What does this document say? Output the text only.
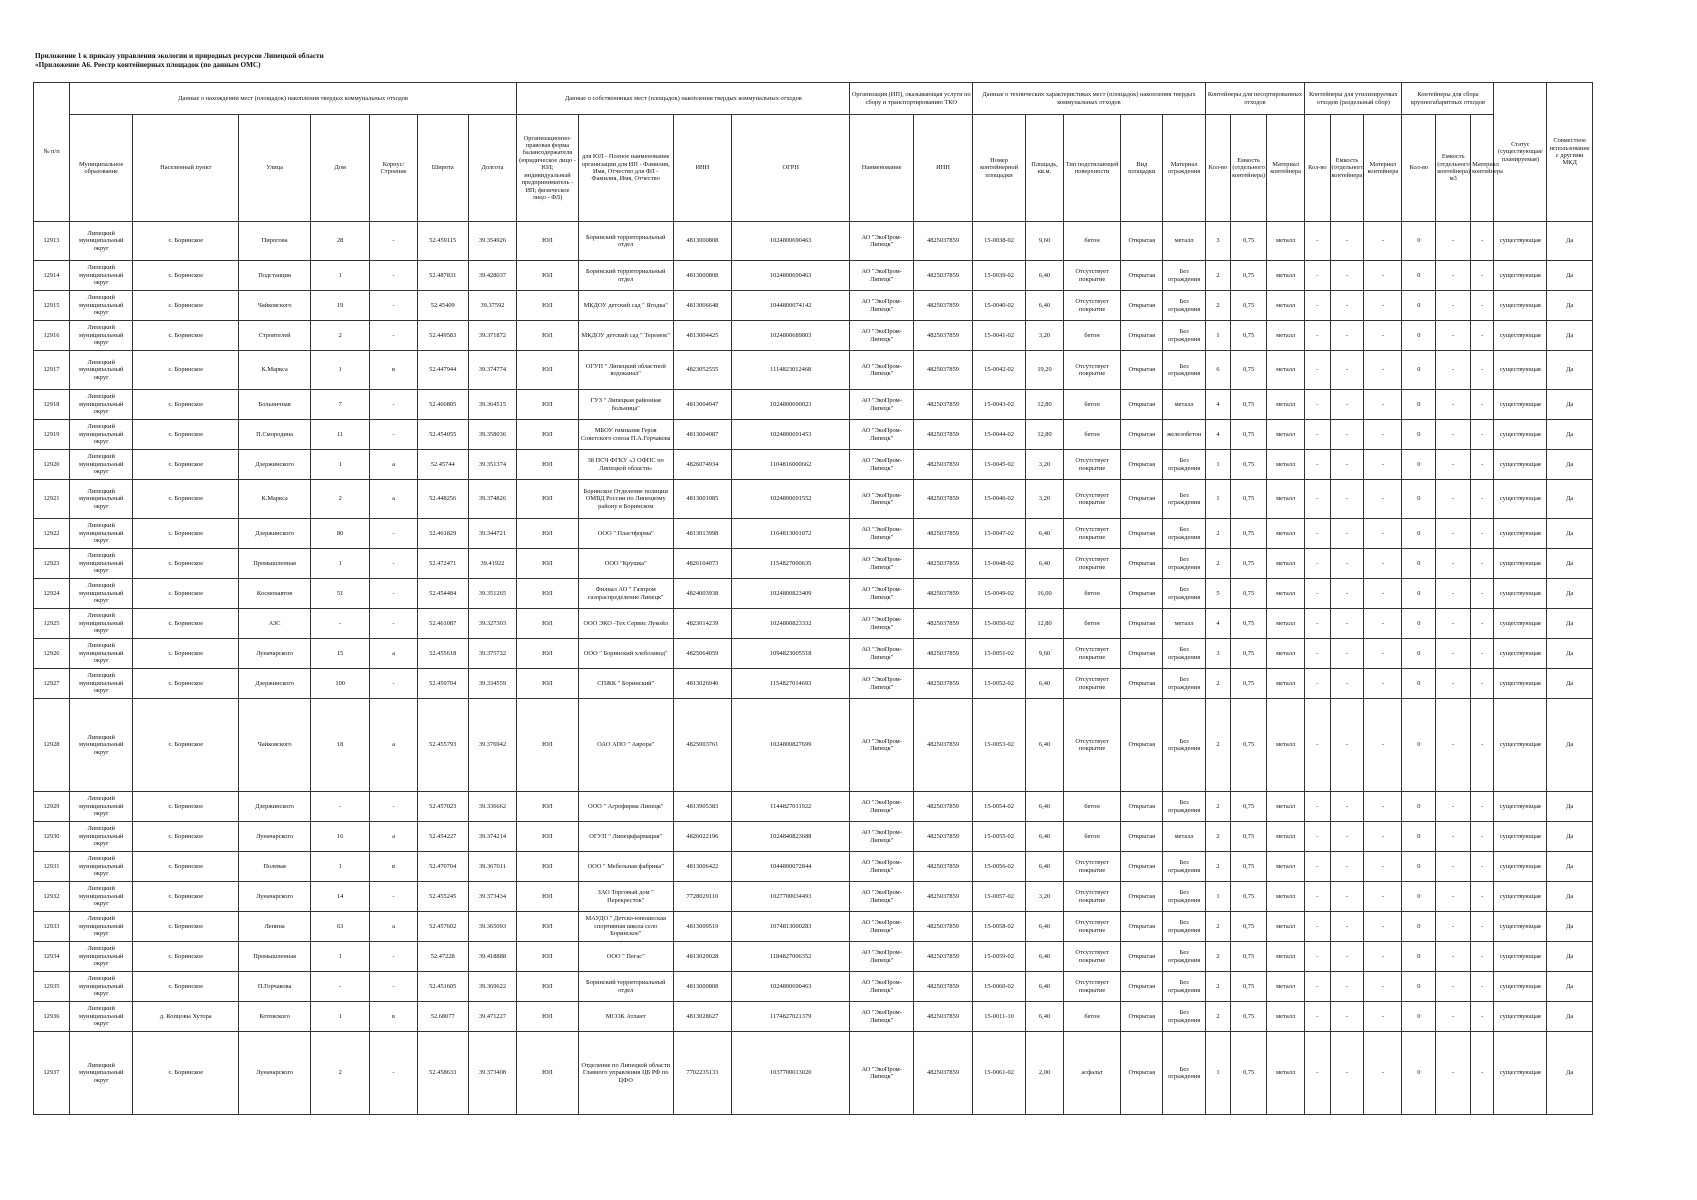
Приложение 1 к приказу управления экологии и природных ресурсов Липецкой области
«Приложение А6. Реестр контейнерных площадок (по данным ОМС)
№ п/п	Данные о нахождении мест (площадок) накопления твердых коммунальных отходов							Данные о собственниках мест (площадок) накопления твердых коммунальных отходов				Организация (ИП), оказывающая услуги по сбору и транспортированию ТКО		Данные о технических характеристиках мест (площадок) накопления твердых коммунальных отходов					Контейнеры для несортированных отходов			Контейнеры для утилизируемых отходов (раздельный сбор)			Контейнеры для сбора крупногабаритных отходов			Статус (существующая/планируемая)	Совместное использование с другими МКД
	Муниципальное образование	Населенный пункт	Улица	Дом	Корпус/Строение	Широта	Долгота	Организационно-правовая форма балансодержателя (юридическое лицо - ЮЛ; индивидуальный предприниматель - ИП; физическое лицо - ФЛ)	для ЮЛ - Полное наименование организации для ИП - Фамилия, Имя, Отчество для ФЛ - Фамилия, Имя, Отчество	ИНН	ОГРН	Наименование	ИНН	Номер контейнерной площадки	Площадь, кв.м.	Тип подстилающей поверхности	Вид площадки	Материал ограждения	Кол-во	Емкость (отдельного контейнера)	Материал контейнера	Кол-во	Емкость (отдельного контейнера)	Материал контейнера	Кол-во	Емкость (отдельного контейнера) м3	Материал контейнера		
12913	Липецкий муниципальный округ	с. Боринское	Пирогова	28	-	52.459115	39.354926	ЮЛ	Боринский территориальный отдел	4813000808	1024800690463	АО "ЭкоПром-Липецк"	4825037859	15-0038-02	9,60	бетон	Открытая	металл	3	0,75	металл	-	-	-	0	-	-	существующая	Да
12914	Липецкий муниципальный округ	с. Боринское	Подстанция	1	-	52.487831	39.428037	ЮЛ	Боринский территориальный отдел	4813000808	1024800690463	АО "ЭкоПром-Липецк"	4825037859	15-0039-02	6,40	Отсутствует покрытие	Открытая	Без ограждения	2	0,75	металл	-	-	-	0	-	-	существующая	Да
12915	Липецкий муниципальный округ	с. Боринское	Чайковского	19	-	52.45409	39.37592	ЮЛ	МКДОУ детский сад " Ягодка"	4813006648	1044800074142	АО "ЭкоПром-Липецк"	4825037859	15-0040-02	6,40	Отсутствует покрытие	Открытая	Без ограждения	2	0,75	металл	-	-	-	0	-	-	существующая	Да
12916	Липецкий муниципальный округ	с. Боринское	Строителей	2	-	52.449583	39.371872	ЮЛ	МКДОУ детский сад " Теремок"	4813004425	1024800689803	АО "ЭкоПром-Липецк"	4825037859	15-0041-02	3,20	бетон	Открытая	Без ограждения	1	0,75	металл	-	-	-	0	-	-	существующая	Да
12917	Липецкий муниципальный округ	с. Боринское	К.Маркса	1	в	52.447944	39.374774	ЮЛ	ОГУП " Липецкий областной водоканал"	4823052555	1114823012468	АО "ЭкоПром-Липецк"	4825037859	15-0042-02	19,20	Отсутствует покрытие	Открытая	Без ограждения	6	0,75	металл	-	-	-	0	-	-	существующая	Да
12918	Липецкий муниципальный округ	с. Боринское	Больничная	7	-	52.460805	39.364515	ЮЛ	ГУЗ " Липецкая районная больница"	4813004947	1024800690023	АО "ЭкоПром-Липецк"	4825037859	15-0043-02	12,80	бетон	Открытая	металл	4	0,75	металл	-	-	-	0	-	-	существующая	Да
12919	Липецкий муниципальный округ	с. Боринское	П.Смородина	11	-	52.454055	39.358036	ЮЛ	МБОУ гимназия Героя Советского союза П.А.Горчакова	4813004087	1024800691453	АО "ЭкоПром-Липецк"	4825037859	15-0044-02	12,80	бетон	Открытая	железобетон	4	0,75	металл	-	-	-	0	-	-	существующая	Да
12920	Липецкий муниципальный округ	с. Боринское	Дзержинского	1	а	52.45744	39.351374	ЮЛ	38 ПСЧ ФГКУ «3 ОФПС по Липецкой области»	4826074934	1104816000662	АО "ЭкоПром-Липецк"	4825037859	15-0045-02	3,20	Отсутствует покрытие	Открытая	Без ограждения	1	0,75	металл	-	-	-	0	-	-	существующая	Да
12921	Липецкий муниципальный округ	с. Боринское	К.Маркса	2	а	52.448256	39.374826	ЮЛ	Боринское Отделение полиции ОМВД России по Липецкому району в Боринском	4813001085	1024800691552	АО "ЭкоПром-Липецк"	4825037859	15-0046-02	3,20	Отсутствует покрытие	Открытая	Без ограждения	1	0,75	металл	-	-	-	0	-	-	существующая	Да
12922	Липецкий муниципальный округ	с. Боринское	Дзержинского	80	-	52.461829	39.344721	ЮЛ	ООО " Пластформа"	4813013998	1164813001072	АО "ЭкоПром-Липецк"	4825037859	15-0047-02	6,40	Отсутствует покрытие	Открытая	Без ограждения	2	0,75	металл	-	-	-	0	-	-	существующая	Да
12923	Липецкий муниципальный округ	с. Боринское	Промышленная	1	-	52.472471	39.41922	ЮЛ	ООО "Крушка"	4826104073	1154827000635	АО "ЭкоПром-Липецк"	4825037859	15-0048-02	6,40	Отсутствует покрытие	Открытая	Без ограждения	2	0,75	металл	-	-	-	0	-	-	существующая	Да
12924	Липецкий муниципальный округ	с. Боринское	Космонавтов	51	-	52.454484	39.351265	ЮЛ	Филиал АО " Газпром газораспределение Липецк"	4824003938	1024800823409	АО "ЭкоПром-Липецк"	4825037859	15-0049-02	16,00	бетон	Открытая	Без ограждения	5	0,75	металл	-	-	-	0	-	-	существующая	Да
12925	Липецкий муниципальный округ	с. Боринское	АЗС	-	-	52.461087	39.327303	ЮЛ	ООО ЭКО -Тех Сервис Лукойл	4823014239	1024800823332	АО "ЭкоПром-Липецк"	4825037859	15-0050-02	12,80	бетон	Открытая	металл	4	0,75	металл	-	-	-	0	-	-	существующая	Да
12926	Липецкий муниципальный округ	с. Боринское	Луначарского	15	а	52.455618	39.375732	ЮЛ	ООО " Боринский хлебозавод"	4825064059	1094823005518	АО "ЭкоПром-Липецк"	4825037859	15-0051-02	9,60	Отсутствует покрытие	Открытая	Без ограждения	3	0,75	металл	-	-	-	0	-	-	существующая	Да
12927	Липецкий муниципальный округ	с. Боринское	Дзержинского	100	-	52.459704	39.334559	ЮЛ	СПЖК " Боринский"	4813026940	1154827014693	АО "ЭкоПром-Липецк"	4825037859	15-0052-02	6,40	Отсутствует покрытие	Открытая	Без ограждения	2	0,75	металл	-	-	-	0	-	-	существующая	Да
12928	Липецкий муниципальный округ	с. Боринское	Чайковского	18	а	52.455793	39.376942	ЮЛ	ОАО АПО " Аврора"	4825003761	1024800827699	АО "ЭкоПром-Липецк"	4825037859	15-0053-02	6,40	Отсутствует покрытие	Открытая	Без ограждения	2	0,75	металл	-	-	-	0	-	-	существующая	Да
12929	Липецкий муниципальный округ	с. Боринское	Дзержинского	-	-	52.457023	39.336662	ЮЛ	ООО " Агрофирма Липецк"	4813905383	1144827011922	АО "ЭкоПром-Липецк"	4825037859	15-0054-02	6,40	бетон	Открытая	Без ограждения	2	0,75	металл	-	-	-	0	-	-	существующая	Да
12930	Липецкий муниципальный округ	с. Боринское	Луначарского	16	а	52.454227	39.374214	ЮЛ	ОГУП " Липецкфармация"	4826022196	1024840823688	АО "ЭкоПром-Липецк"	4825037859	15-0055-02	6,40	бетон	Открытая	металл	2	0,75	металл	-	-	-	0	-	-	существующая	Да
12931	Липецкий муниципальный округ	с. Боринское	Полевая	1	в	52.470704	39.367011	ЮЛ	ООО " Мебельная фабрика"	4813006422	1044800072844	АО "ЭкоПром-Липецк"	4825037859	15-0056-02	6,40	Отсутствует покрытие	Открытая	Без ограждения	2	0,75	металл	-	-	-	0	-	-	существующая	Да
12932	Липецкий муниципальный округ	с. Боринское	Луначарского	14	-	52.455245	39.373434	ЮЛ	ЗАО Торговый дом " Перекресток"	7728029110	1027700034493	АО "ЭкоПром-Липецк"	4825037859	15-0057-02	3,20	Отсутствует покрытие	Открытая	Без ограждения	1	0,75	металл	-	-	-	0	-	-	существующая	Да
12933	Липецкий муниципальный округ	с. Боринское	Ленина	63	а	52.457602	39.365093	ЮЛ	МАУДО " Детско-юношеская спортивная школа село Боринское"	4813009519	1074813000283	АО "ЭкоПром-Липецк"	4825037859	15-0058-02	6,40	Отсутствует покрытие	Открытая	Без ограждения	2	0,75	металл	-	-	-	0	-	-	существующая	Да
12934	Липецкий муниципальный округ	с. Боринское	Промышленная	1	-	52.47228	39.418888	ЮЛ	ООО " Пегас"	4813029028	1184827006352	АО "ЭкоПром-Липецк"	4825037859	15-0059-02	6,40	Отсутствует покрытие	Открытая	Без ограждения	2	0,75	металл	-	-	-	0	-	-	существующая	Да
12935	Липецкий муниципальный округ	с. Боринское	П.Горчакова	-	-	52.451605	39.369622	ЮЛ	Боринский территориальный отдел	4813000808	1024800690463	АО "ЭкоПром-Липецк"	4825037859	15-0060-02	6,40	Отсутствует покрытие	Открытая	Без ограждения	2	0,75	металл	-	-	-	0	-	-	существующая	Да
12936	Липецкий муниципальный округ	д. Копцовы Хутора	Котовского	1	в	52.68077	39.471227	ЮЛ	МСОК Атлант	4813028627	1174827021379	АО "ЭкоПром-Липецк"	4825037859	15-0011-10	6,40	бетон	Открытая	Без ограждения	2	0,75	металл	-	-	-	0	-	-	существующая	Да
12937	Липецкий муниципальный округ	с. Боринское	Луначарского	2	-	52.458633	39.373408	ЮЛ	Отделение по Липецкой области Главного управления ЦБ РФ по ЦФО	7702235133	1037700013020	АО "ЭкоПром-Липецк"	4825037859	15-0061-02	2,00	асфальт	Открытая	Без ограждения	1	0,75	металл	-	-	-	0	-	-	существующая	Да
